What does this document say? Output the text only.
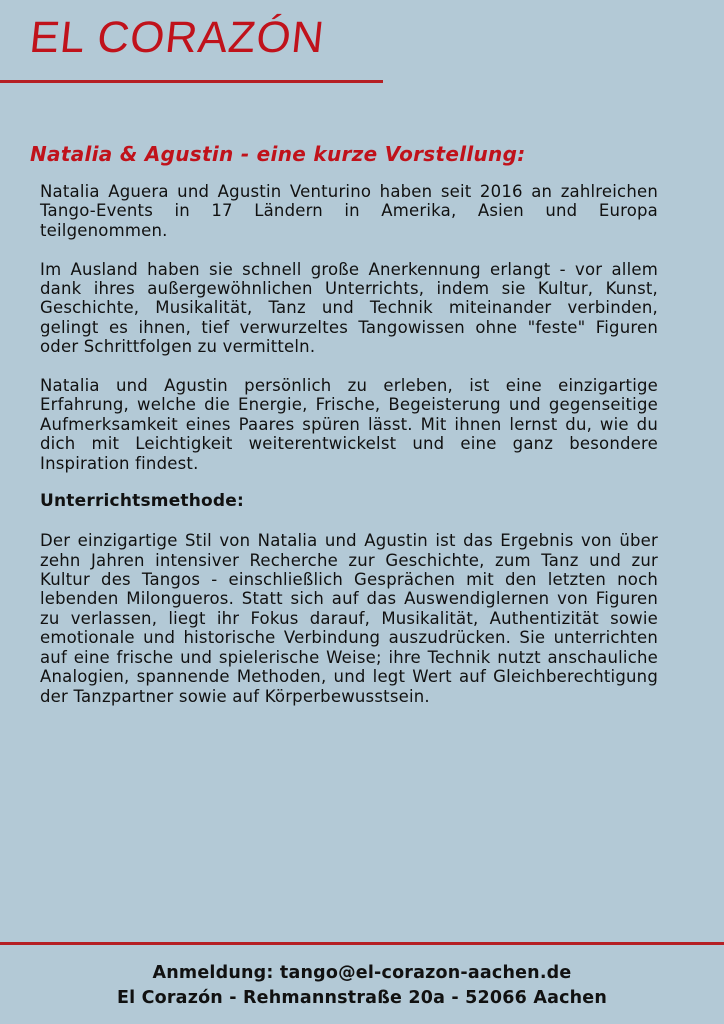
EL CORAZÓN
Natalia & Agustin - eine kurze Vorstellung:

Natalia Aguera und Agustin Venturino haben seit 2016 an zahlreichen Tango-Events in 17 Ländern in Amerika, Asien und Europa teilgenommen.

Im Ausland haben sie schnell große Anerkennung erlangt - vor allem dank ihres außergewöhnlichen Unterrichts, indem sie Kultur, Kunst, Geschichte, Musikalität, Tanz und Technik miteinander verbinden, gelingt es ihnen, tief verwurzeltes Tangowissen ohne "feste" Figuren oder Schrittfolgen zu vermitteln.

Natalia und Agustin persönlich zu erleben, ist eine einzigartige Erfahrung, welche die Energie, Frische, Begeisterung und gegenseitige Aufmerksamkeit eines Paares spüren lässt. Mit ihnen lernst du, wie du dich mit Leichtigkeit weiterentwickelst und eine ganz besondere Inspiration findest.

Unterrichtsmethode:

Der einzigartige Stil von Natalia und Agustin ist das Ergebnis von über zehn Jahren intensiver Recherche zur Geschichte, zum Tanz und zur Kultur des Tangos - einschließlich Gesprächen mit den letzten noch lebenden Milongueros. Statt sich auf das Auswendiglernen von Figuren zu verlassen, liegt ihr Fokus darauf, Musikalität, Authentizität sowie emotionale und historische Verbindung auszudrücken. Sie unterrichten auf eine frische und spielerische Weise; ihre Technik nutzt anschauliche Analogien, spannende Methoden, und legt Wert auf Gleichberechtigung der Tanzpartner sowie auf Körperbewusstsein.

Anmeldung: tango@el-corazon-aachen.de
El Corazón - Rehmannstraße 20a - 52066 Aachen
